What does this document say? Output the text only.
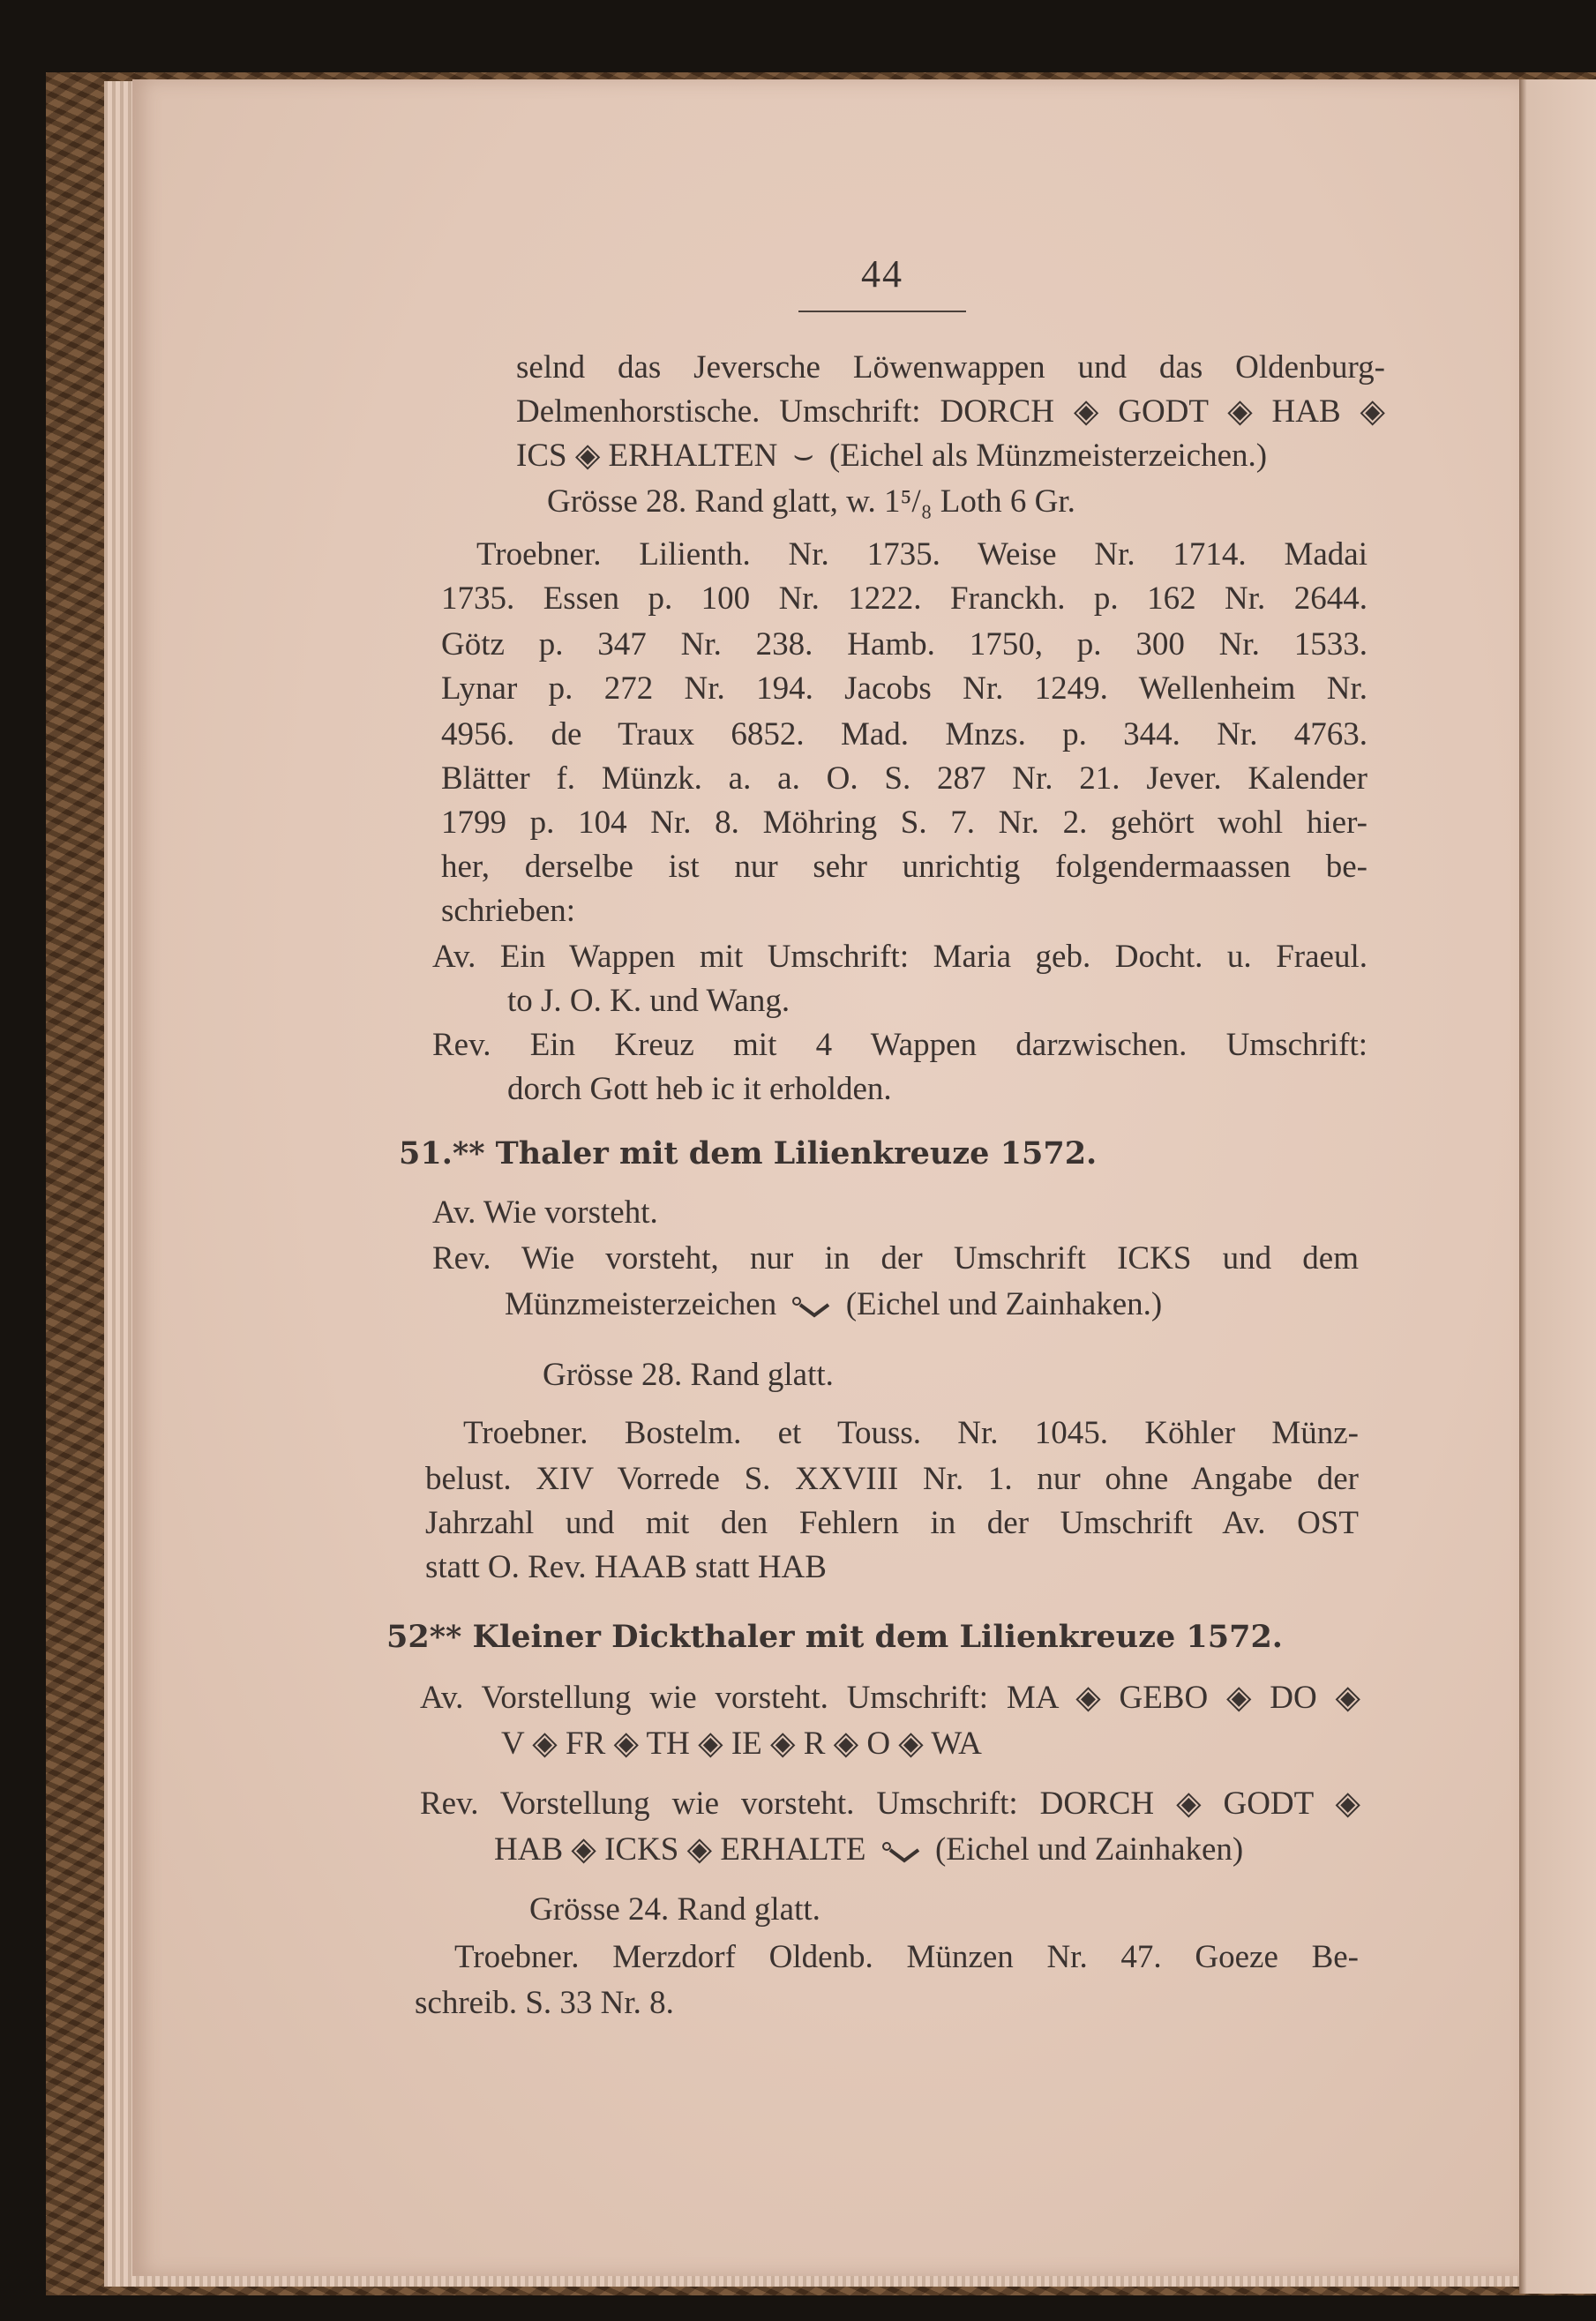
44
selnd das Jeversche Löwenwappen und das Oldenburg-
Delmenhorstische. Umschrift: DORCH ◈ GODT ◈ HAB ◈
ICS ◈ ERHALTEN ⌣ (Eichel als Münzmeisterzeichen.)
Grösse 28. Rand glatt, w. 1⁵/₈ Loth 6 Gr.
Troebner. Lilienth. Nr. 1735. Weise Nr. 1714. Madai
1735. Essen p. 100 Nr. 1222. Franckh. p. 162 Nr. 2644.
Götz p. 347 Nr. 238. Hamb. 1750, p. 300 Nr. 1533.
Lynar p. 272 Nr. 194. Jacobs Nr. 1249. Wellenheim Nr.
4956. de Traux 6852. Mad. Mnzs. p. 344. Nr. 4763.
Blätter f. Münzk. a. a. O. S. 287 Nr. 21. Jever. Kalender
1799 p. 104 Nr. 8. Möhring S. 7. Nr. 2. gehört wohl hier-
her, derselbe ist nur sehr unrichtig folgendermaassen be-
schrieben:
Av. Ein Wappen mit Umschrift: Maria geb. Docht. u. Fraeul.
to J. O. K. und Wang.
Rev. Ein Kreuz mit 4 Wappen darzwischen. Umschrift:
dorch Gott heb ic it erholden.
51.** Thaler mit dem Lilienkreuze 1572.
Av. Wie vorsteht.
Rev. Wie vorsteht, nur in der Umschrift ICKS und dem
Münzmeisterzeichen (Eichel und Zainhaken.)
Grösse 28. Rand glatt.
Troebner. Bostelm. et Touss. Nr. 1045. Köhler Münz-
belust. XIV Vorrede S. XXVIII Nr. 1. nur ohne Angabe der
Jahrzahl und mit den Fehlern in der Umschrift Av. OST
statt O. Rev. HAAB statt HAB
52** Kleiner Dickthaler mit dem Lilienkreuze 1572.
Av. Vorstellung wie vorsteht. Umschrift: MA ◈ GEBO ◈ DO ◈
V ◈ FR ◈ TH ◈ IE ◈ R ◈ O ◈ WA
Rev. Vorstellung wie vorsteht. Umschrift: DORCH ◈ GODT ◈
HAB ◈ ICKS ◈ ERHALTE (Eichel und Zainhaken)
Grösse 24. Rand glatt.
Troebner. Merzdorf Oldenb. Münzen Nr. 47. Goeze Be-
schreib. S. 33 Nr. 8.
